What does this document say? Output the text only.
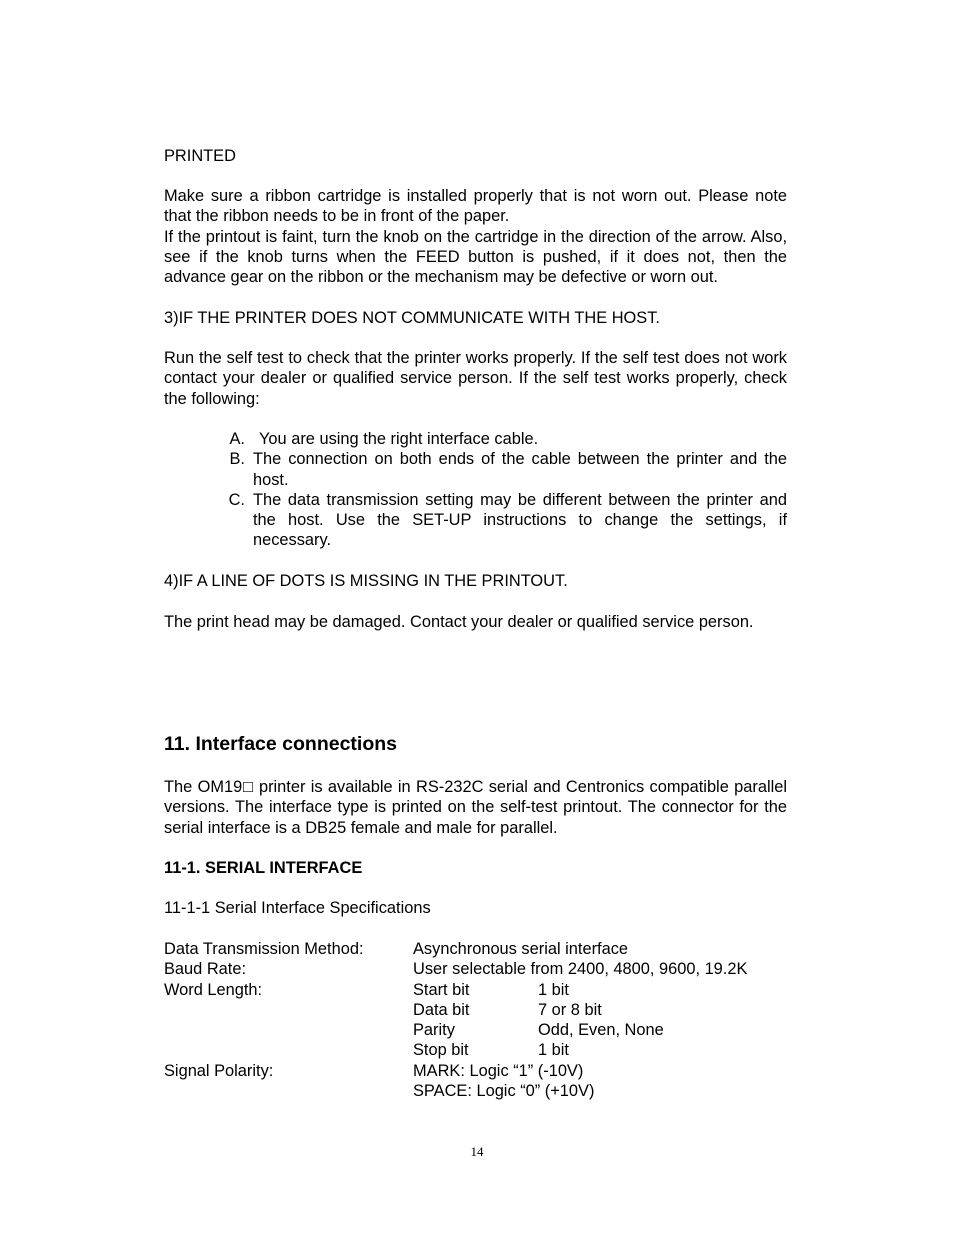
PRINTED

Make sure a ribbon cartridge is installed properly that is not worn out. Please note that the ribbon needs to be in front of the paper.

If the printout is faint, turn the knob on the cartridge in the direction of the arrow. Also, see if the knob turns when the FEED button is pushed, if it does not, then the advance gear on the ribbon or the mechanism may be defective or worn out.

3)IF THE PRINTER DOES NOT COMMUNICATE WITH THE HOST.
Run the self test to check that the printer works properly. If the self test does not work contact your dealer or qualified service person. If the self test works properly, check the following:
A. You are using the right interface cable.
B. The connection on both ends of the cable between the printer and the host.
C. The data transmission setting may be different between the printer and the host. Use the SET-UP instructions to change the settings, if necessary.
4)IF A LINE OF DOTS IS MISSING IN THE PRINTOUT.
The print head may be damaged. Contact your dealer or qualified service person.
11. Interface connections
The OM19□ printer is available in RS-232C serial and Centronics compatible parallel versions. The interface type is printed on the self-test printout. The connector for the serial interface is a DB25 female and male for parallel.
11-1. SERIAL INTERFACE
11-1-1 Serial Interface Specifications
Data Transmission Method:	Asynchronous serial interface
Baud Rate:	User selectable from 2400, 4800, 9600, 19.2K
Word Length:	Start bit	1 bit
Data bit	7 or 8 bit
Parity	Odd, Even, None
Stop bit	1 bit
Signal Polarity:	MARK: Logic “1” (-10V)
SPACE: Logic “0” (+10V)
14
